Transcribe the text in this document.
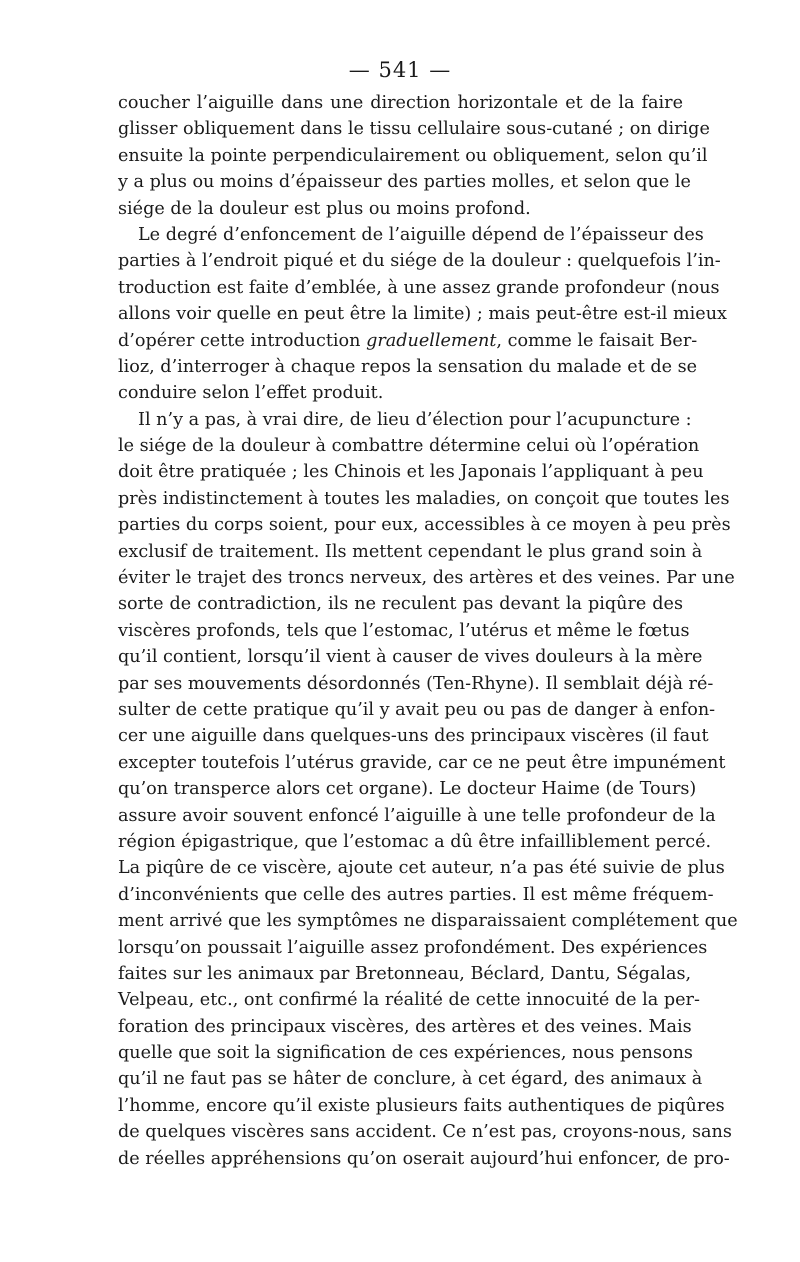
— 541 —
coucher l’aiguille dans une direction horizontale et de la faire
glisser obliquement dans le tissu cellulaire sous-cutané ; on dirige
ensuite la pointe perpendiculairement ou obliquement, selon qu’il
y a plus ou moins d’épaisseur des parties molles, et selon que le
siége de la douleur est plus ou moins profond.
Le degré d’enfoncement de l’aiguille dépend de l’épaisseur des
parties à l’endroit piqué et du siége de la douleur : quelquefois l’in-
troduction est faite d’emblée, à une assez grande profondeur (nous
allons voir quelle en peut être la limite) ; mais peut-être est-il mieux
d’opérer cette introduction graduellement, comme le faisait Ber-
lioz, d’interroger à chaque repos la sensation du malade et de se
conduire selon l’effet produit.
Il n’y a pas, à vrai dire, de lieu d’élection pour l’acupuncture :
le siége de la douleur à combattre détermine celui où l’opération
doit être pratiquée ; les Chinois et les Japonais l’appliquant à peu
près indistinctement à toutes les maladies, on conçoit que toutes les
parties du corps soient, pour eux, accessibles à ce moyen à peu près
exclusif de traitement. Ils mettent cependant le plus grand soin à
éviter le trajet des troncs nerveux, des artères et des veines. Par une
sorte de contradiction, ils ne reculent pas devant la piqûre des
viscères profonds, tels que l’estomac, l’utérus et même le fœtus
qu’il contient, lorsqu’il vient à causer de vives douleurs à la mère
par ses mouvements désordonnés (Ten-Rhyne). Il semblait déjà ré-
sulter de cette pratique qu’il y avait peu ou pas de danger à enfon-
cer une aiguille dans quelques-uns des principaux viscères (il faut
excepter toutefois l’utérus gravide, car ce ne peut être impunément
qu’on transperce alors cet organe). Le docteur Haime (de Tours)
assure avoir souvent enfoncé l’aiguille à une telle profondeur de la
région épigastrique, que l’estomac a dû être infailliblement percé.
La piqûre de ce viscère, ajoute cet auteur, n’a pas été suivie de plus
d’inconvénients que celle des autres parties. Il est même fréquem-
ment arrivé que les symptômes ne disparaissaient complétement que
lorsqu’on poussait l’aiguille assez profondément. Des expériences
faites sur les animaux par Bretonneau, Béclard, Dantu, Ségalas,
Velpeau, etc., ont confirmé la réalité de cette innocuité de la per-
foration des principaux viscères, des artères et des veines. Mais
quelle que soit la signification de ces expériences, nous pensons
qu’il ne faut pas se hâter de conclure, à cet égard, des animaux à
l’homme, encore qu’il existe plusieurs faits authentiques de piqûres
de quelques viscères sans accident. Ce n’est pas, croyons-nous, sans
de réelles appréhensions qu’on oserait aujourd’hui enfoncer, de pro-
